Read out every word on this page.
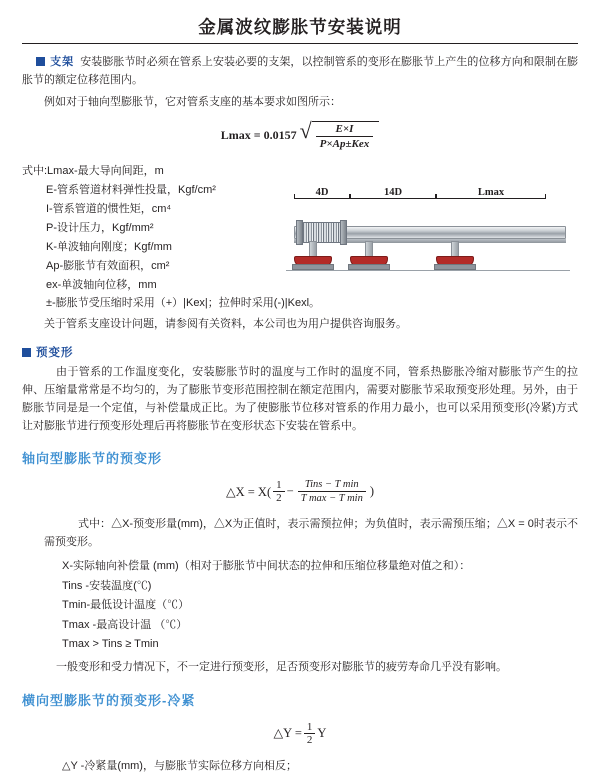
金属波纹膨胀节安装说明
支架 安装膨胀节时必须在管系上安装必要的支架，以控制管系的变形在膨胀节上产生的位移方向和限制在膨胀节的额定位移范围内。
例如对于轴向型膨胀节，它对管系支座的基本要求如图所示：
Lmax = 0.0157 √ $\frac{E\times I}{\text{P×Ap±Kex}}$
式中:Lmax-最大导向间距，m
E-管系管道材料弹性投量，Kgf/cm²
I-管系管道的惯性矩，cm⁴
P-设计压力，Kgf/mm²
K-单波轴向刚度；Kgf/mm
Ap-膨胀节有效面积，cm²
ex-单波轴向位移，mm
4D	14D	Lmax
±-膨胀节受压缩时采用（+）|Kex|；拉伸时采用(-)|Kexl。
关于管系支座设计问题，请参阅有关资料，本公司也为用户提供咨询服务。
预变形
由于管系的工作温度变化，安装膨胀节时的温度与工作时的温度不同，管系热膨胀冷缩对膨胀节产生的拉伸、压缩量常常是不均匀的，为了膨胀节变形范围控制在额定范围内，需要对膨胀节采取预变形处理。另外，由于膨胀节同是是一个定值，与补偿量成正比。为了使膨胀节位移对管系的作用力最小，也可以采用预变形(冷紧)方式让对膨胀节进行预变形处理后再将膨胀节在变形状态下安装在管系中。
轴向型膨胀节的预变形
△X = $X( \frac{1}{2} - \frac{\text{Tins − T min}}{\text{T max − T min}}$ )
式中：△X-预变形量(mm)，△X为正值时，表示需预拉伸；为负值时，表示需预压缩；△X = 0时表示不需预变形。
X-实际轴向补偿量 (mm)（相对于膨胀节中间状态的拉伸和压缩位移量绝对值之和）：
Tins -安装温度(℃)
Tmin-最低设计温度（℃）
Tmax -最高设计温 （℃）
Tmax > Tins ≥ Tmin
一般变形和受力情况下，不一定进行预变形，足否预变形对膨胀节的疲劳寿命几乎没有影响。
横向型膨胀节的预变形-冷紧
△Y = $\frac{1}{2}$ Y
△Y -冷紧量(mm)，与膨胀节实际位移方向相反；
